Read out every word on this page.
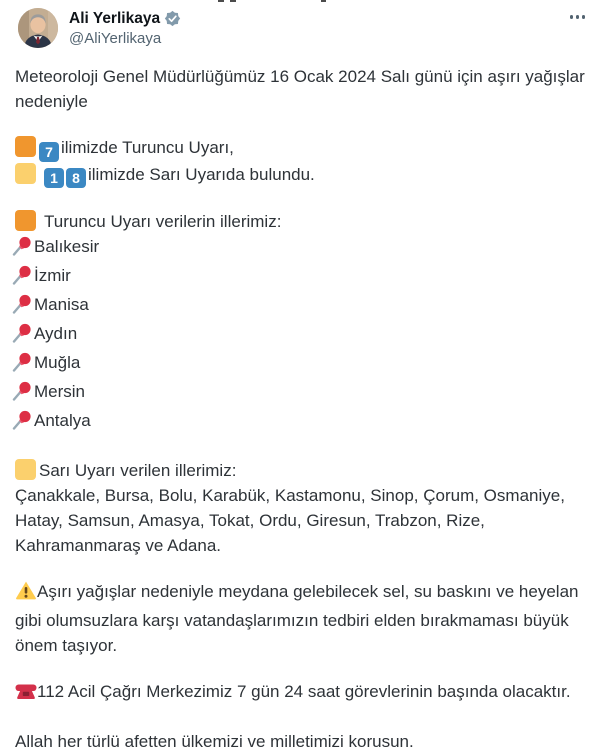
Ali Yerlikaya
@AliYerlikaya

Meteoroloji Genel Müdürlüğümüz 16 Ocak 2024 Salı günü için aşırı yağışlar nedeniyle

7 ilimizde Turuncu Uyarı,
1 8 ilimizde Sarı Uyarıda bulundu.
Turuncu Uyarı verilerin illerimiz:
Balıkesir
İzmir
Manisa
Aydın
Muğla
Mersin
Antalya
Sarı Uyarı verilen illerimiz:
Çanakkale, Bursa, Bolu, Karabük, Kastamonu, Sinop, Çorum, Osmaniye, Hatay, Samsun, Amasya, Tokat, Ordu, Giresun, Trabzon, Rize, Kahramanmaraş ve Adana.

Aşırı yağışlar nedeniyle meydana gelebilecek sel, su baskını ve heyelan gibi olumsuzlara karşı vatandaşlarımızın tedbiri elden bırakmaması büyük önem taşıyor.

112 Acil Çağrı Merkezimiz 7 gün 24 saat görevlerinin başında olacaktır.

Allah her türlü afetten ülkemizi ve milletimizi korusun.
